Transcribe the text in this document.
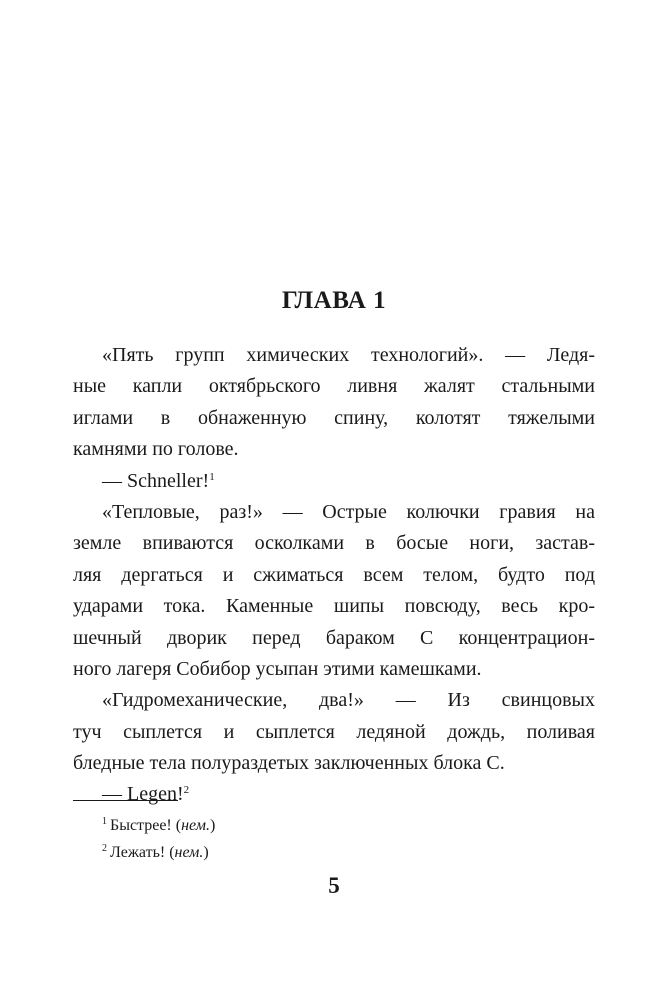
ГЛАВА 1
«Пять групп химических технологий». — Ледя-
ные капли октябрьского ливня жалят стальными
иглами в обнаженную спину, колотят тяжелыми
камнями по голове.
— Schneller!$^1$
«Тепловые, раз!» — Острые колючки гравия на
земле впиваются осколками в босые ноги, застав-
ляя дергаться и сжиматься всем телом, будто под
ударами тока. Каменные шипы повсюду, весь кро-
шечный дворик перед бараком С концентрацион-
ного лагеря Собибор усыпан этими камешками.
«Гидромеханические, два!» — Из свинцовых
туч сыплется и сыплется ледяной дождь, поливая
бледные тела полураздетых заключенных блока С.
— Legen!$^2$
$^1$ Быстрее! (нем.)
$^2$ Лежать! (нем.)
5
